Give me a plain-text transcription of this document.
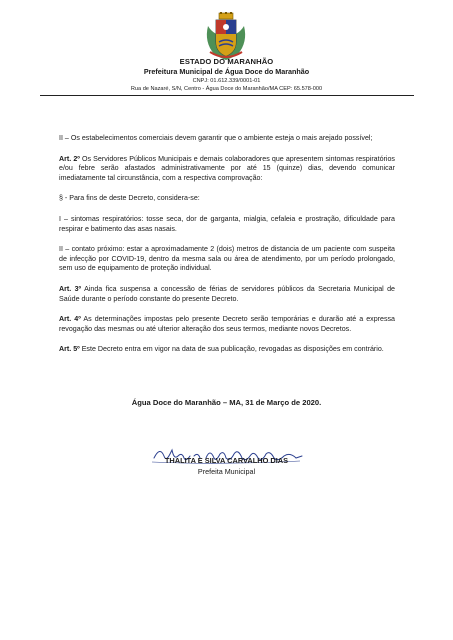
ESTADO DO MARANHÃO
Prefeitura Municipal de Água Doce do Maranhão
CNPJ: 01.612.339/0001-01
Rua de Nazaré, S/N, Centro - Água Doce do Maranhão/MA CEP: 65.578-000

II – Os estabelecimentos comerciais devem garantir que o ambiente esteja o mais arejado possível;

Art. 2º Os Servidores Públicos Municipais e demais colaboradores que apresentem sintomas respiratórios e/ou febre serão afastados administrativamente por até 15 (quinze) dias, devendo comunicar imediatamente tal circunstância, com a respectiva comprovação:

§ - Para fins de deste Decreto, considera-se:

I – sintomas respiratórios: tosse seca, dor de garganta, mialgia, cefaleia e prostração, dificuldade para respirar e batimento das asas nasais.

II – contato próximo: estar a aproximadamente 2 (dois) metros de distancia de um paciente com suspeita de infecção por COVID-19, dentro da mesma sala ou área de atendimento, por um período prolongado, sem uso de equipamento de proteção individual.

Art. 3º Ainda fica suspensa a concessão de férias de servidores públicos da Secretaria Municipal de Saúde durante o período constante do presente Decreto.

Art. 4º As determinações impostas pelo presente Decreto serão temporárias e durarão até a expressa revogação das mesmas ou até ulterior alteração dos seus termos, mediante novos Decretos.

Art. 5º Este Decreto entra em vigor na data de sua publicação, revogadas as disposições em contrário.

Água Doce do Maranhão – MA, 31 de Março de 2020.
THALITA E SILVA CARVALHO DIAS
Prefeita Municipal
